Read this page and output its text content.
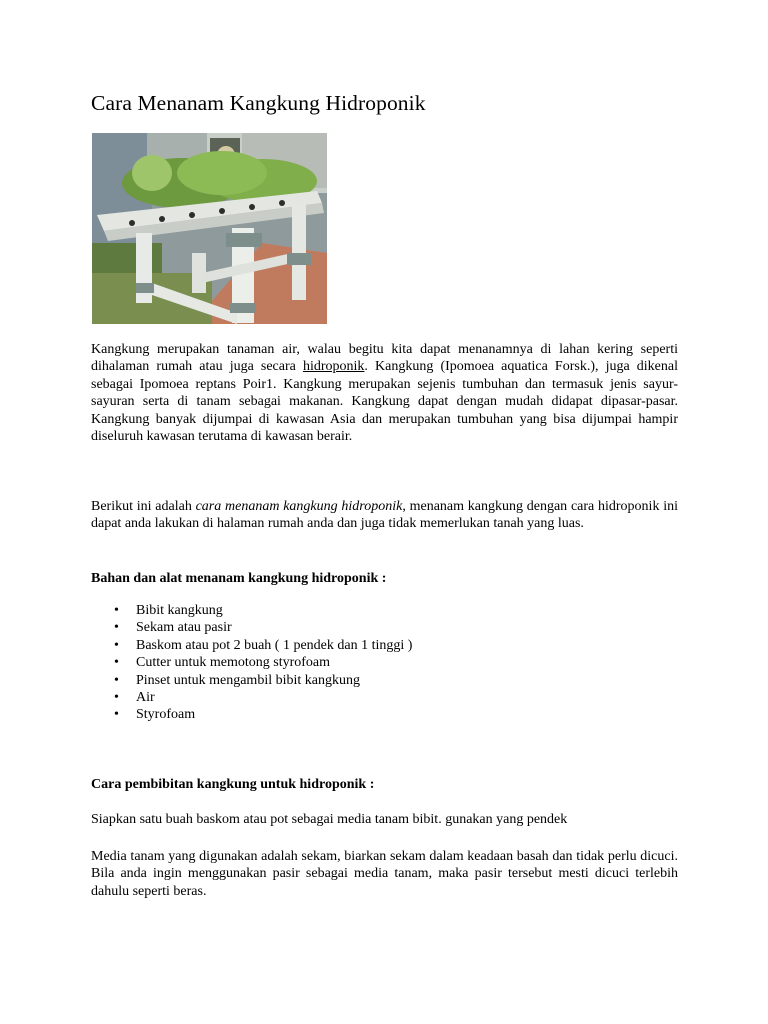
Cara Menanam Kangkung Hidroponik

Kangkung merupakan tanaman air, walau begitu kita dapat menanamnya di lahan kering seperti dihalaman rumah atau juga secara hidroponik. Kangkung (Ipomoea aquatica Forsk.), juga dikenal sebagai Ipomoea reptans Poir1. Kangkung merupakan sejenis tumbuhan dan termasuk jenis sayur-sayuran serta di tanam sebagai makanan. Kangkung dapat dengan mudah didapat dipasar-pasar. Kangkung banyak dijumpai di kawasan Asia dan merupakan tumbuhan yang bisa dijumpai hampir diseluruh kawasan terutama di kawasan berair.

Berikut ini adalah cara menanam kangkung hidroponik, menanam kangkung dengan cara hidroponik ini dapat anda lakukan di halaman rumah anda dan juga tidak memerlukan tanah yang luas.

Bahan dan alat menanam kangkung hidroponik :

• Bibit kangkung
• Sekam atau pasir
• Baskom atau pot 2 buah ( 1 pendek dan 1 tinggi )
• Cutter untuk memotong styrofoam
• Pinset untuk mengambil bibit kangkung
• Air
• Styrofoam

Cara pembibitan kangkung untuk hidroponik :

Siapkan satu buah baskom atau pot sebagai media tanam bibit. gunakan yang pendek

Media tanam yang digunakan adalah sekam, biarkan sekam dalam keadaan basah dan tidak perlu dicuci. Bila anda ingin menggunakan pasir sebagai media tanam, maka pasir tersebut mesti dicuci terlebih dahulu seperti beras.
